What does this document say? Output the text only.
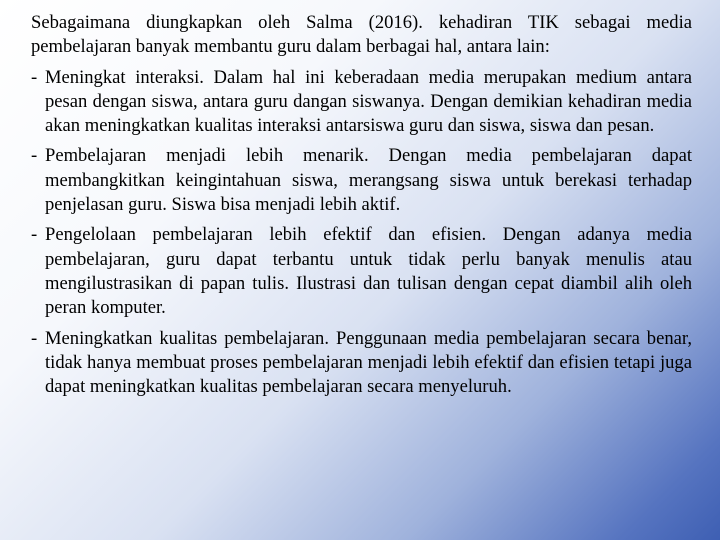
Sebagaimana diungkapkan oleh Salma (2016). kehadiran TIK sebagai media pembelajaran banyak membantu guru dalam berbagai hal, antara lain:

- Meningkat interaksi. Dalam hal ini keberadaan media merupakan medium antara pesan dengan siswa, antara guru dangan siswanya. Dengan demikian kehadiran media akan meningkatkan kualitas interaksi antarsiswa guru dan siswa, siswa dan pesan.
- Pembelajaran menjadi lebih menarik. Dengan media pembelajaran dapat membangkitkan keingintahuan siswa, merangsang siswa untuk berekasi terhadap penjelasan guru. Siswa bisa menjadi lebih aktif.
- Pengelolaan pembelajaran lebih efektif dan efisien. Dengan adanya media pembelajaran, guru dapat terbantu untuk tidak perlu banyak menulis atau mengilustrasikan di papan tulis. Ilustrasi dan tulisan dengan cepat diambil alih oleh peran komputer.
- Meningkatkan kualitas pembelajaran. Penggunaan media pembelajaran secara benar, tidak hanya membuat proses pembelajaran menjadi lebih efektif dan efisien tetapi juga dapat meningkatkan kualitas pembelajaran secara menyeluruh.
